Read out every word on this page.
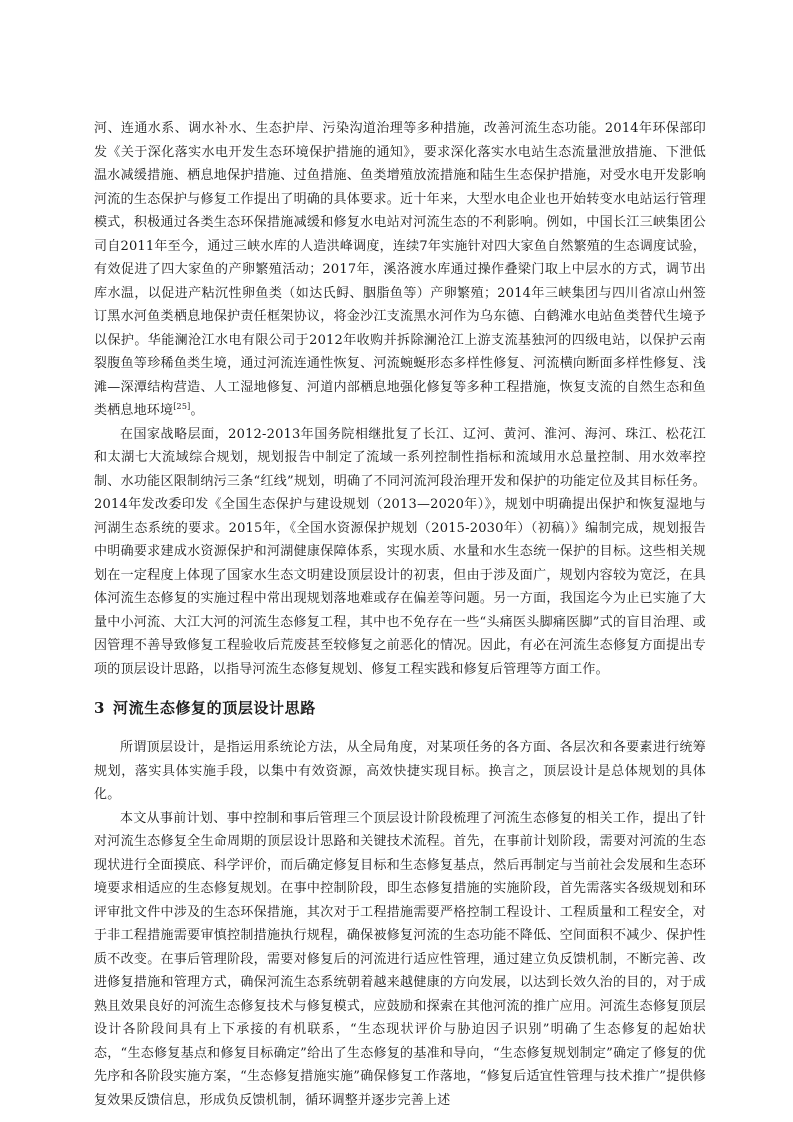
河、连通水系、调水补水、生态护岸、污染沟道治理等多种措施，改善河流生态功能。2014年环保部印发《关于深化落实水电开发生态环境保护措施的通知》，要求深化落实水电站生态流量泄放措施、下泄低温水减缓措施、栖息地保护措施、过鱼措施、鱼类增殖放流措施和陆生生态保护措施，对受水电开发影响河流的生态保护与修复工作提出了明确的具体要求。近十年来，大型水电企业也开始转变水电站运行管理模式，积极通过各类生态环保措施减缓和修复水电站对河流生态的不利影响。例如，中国长江三峡集团公司自2011年至今，通过三峡水库的人造洪峰调度，连续7年实施针对四大家鱼自然繁殖的生态调度试验，有效促进了四大家鱼的产卵繁殖活动；2017年，溪洛渡水库通过操作叠梁门取上中层水的方式，调节出库水温，以促进产粘沉性卵鱼类（如达氏鲟、胭脂鱼等）产卵繁殖；2014年三峡集团与四川省凉山州签订黑水河鱼类栖息地保护责任框架协议，将金沙江支流黑水河作为乌东德、白鹤滩水电站鱼类替代生境予以保护。华能澜沧江水电有限公司于2012年收购并拆除澜沧江上游支流基独河的四级电站，以保护云南裂腹鱼等珍稀鱼类生境，通过河流连通性恢复、河流蜿蜒形态多样性修复、河流横向断面多样性修复、浅滩—深潭结构营造、人工湿地修复、河道内部栖息地强化修复等多种工程措施，恢复支流的自然生态和鱼类栖息地环境[25]。

在国家战略层面，2012-2013年国务院相继批复了长江、辽河、黄河、淮河、海河、珠江、松花江和太湖七大流域综合规划，规划报告中制定了流域一系列控制性指标和流域用水总量控制、用水效率控制、水功能区限制纳污三条“红线”规划，明确了不同河流河段治理开发和保护的功能定位及其目标任务。2014年发改委印发《全国生态保护与建设规划（2013—2020年）》，规划中明确提出保护和恢复湿地与河湖生态系统的要求。2015年，《全国水资源保护规划（2015-2030年）（初稿）》编制完成，规划报告中明确要求建成水资源保护和河湖健康保障体系，实现水质、水量和水生态统一保护的目标。这些相关规划在一定程度上体现了国家水生态文明建设顶层设计的初衷，但由于涉及面广，规划内容较为宽泛，在具体河流生态修复的实施过程中常出现规划落地难或存在偏差等问题。另一方面，我国迄今为止已实施了大量中小河流、大江大河的河流生态修复工程，其中也不免存在一些“头痛医头脚痛医脚”式的盲目治理、或因管理不善导致修复工程验收后荒废甚至较修复之前恶化的情况。因此，有必在河流生态修复方面提出专项的顶层设计思路，以指导河流生态修复规划、修复工程实践和修复后管理等方面工作。

3 河流生态修复的顶层设计思路

所谓顶层设计，是指运用系统论方法，从全局角度，对某项任务的各方面、各层次和各要素进行统筹规划，落实具体实施手段，以集中有效资源，高效快捷实现目标。换言之，顶层设计是总体规划的具体化。

本文从事前计划、事中控制和事后管理三个顶层设计阶段梳理了河流生态修复的相关工作，提出了针对河流生态修复全生命周期的顶层设计思路和关键技术流程。首先，在事前计划阶段，需要对河流的生态现状进行全面摸底、科学评价，而后确定修复目标和生态修复基点，然后再制定与当前社会发展和生态环境要求相适应的生态修复规划。在事中控制阶段，即生态修复措施的实施阶段，首先需落实各级规划和环评审批文件中涉及的生态环保措施，其次对于工程措施需要严格控制工程设计、工程质量和工程安全，对于非工程措施需要审慎控制措施执行规程，确保被修复河流的生态功能不降低、空间面积不减少、保护性质不改变。在事后管理阶段，需要对修复后的河流进行适应性管理，通过建立负反馈机制，不断完善、改进修复措施和管理方式，确保河流生态系统朝着越来越健康的方向发展，以达到长效久治的目的，对于成熟且效果良好的河流生态修复技术与修复模式，应鼓励和探索在其他河流的推广应用。河流生态修复顶层设计各阶段间具有上下承接的有机联系，“生态现状评价与胁迫因子识别”明确了生态修复的起始状态，“生态修复基点和修复目标确定”给出了生态修复的基准和导向，“生态修复规划制定”确定了修复的优先序和各阶段实施方案，“生态修复措施实施”确保修复工作落地，“修复后适宜性管理与技术推广”提供修复效果反馈信息，形成负反馈机制，循环调整并逐步完善上述
